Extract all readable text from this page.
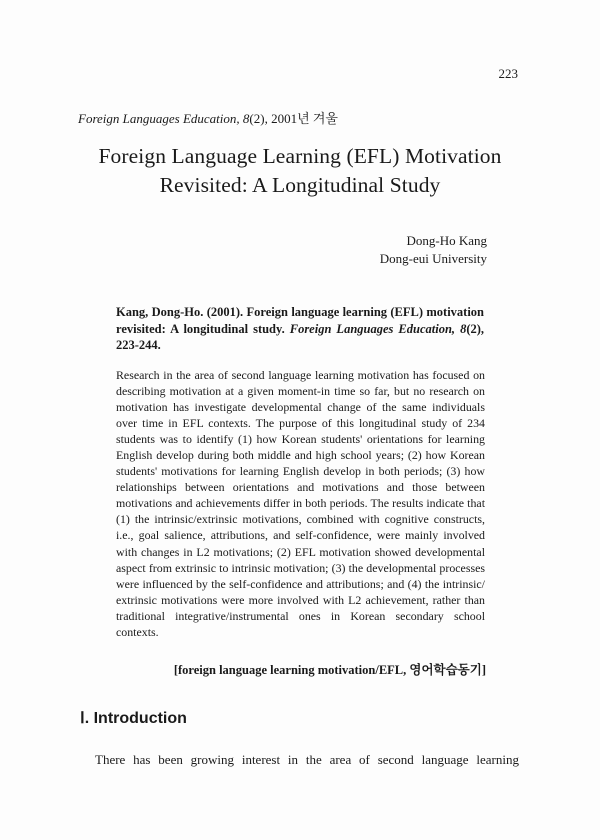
223
Foreign Languages Education, 8(2), 2001년 겨울
Foreign Language Learning (EFL) Motivation
Revisited: A Longitudinal Study
Dong-Ho Kang
Dong-eui University
Kang, Dong-Ho. (2001). Foreign language learning (EFL) motivation revisited: A longitudinal study. Foreign Languages Education, 8(2), 223-244.
Research in the area of second language learning motivation has focused on describing motivation at a given moment-in time so far, but no research on motivation has investigate developmental change of the same individuals over time in EFL contexts. The purpose of this longitudinal study of 234 students was to identify (1) how Korean students' orientations for learning English develop during both middle and high school years; (2) how Korean students' motivations for learning English develop in both periods; (3) how relationships between orientations and motivations and those between motivations and achievements differ in both periods. The results indicate that (1) the intrinsic/extrinsic motivations, combined with cognitive constructs, i.e., goal salience, attributions, and self-confidence, were mainly involved with changes in L2 motivations; (2) EFL motivation showed developmental aspect from extrinsic to intrinsic motivation; (3) the developmental processes were influenced by the self-confidence and attributions; and (4) the intrinsic/ extrinsic motivations were more involved with L2 achievement, rather than traditional integrative/instrumental ones in Korean secondary school contexts.
[foreign language learning motivation/EFL, 영어학습동기]
Ⅰ. Introduction
There has been growing interest in the area of second language learning
